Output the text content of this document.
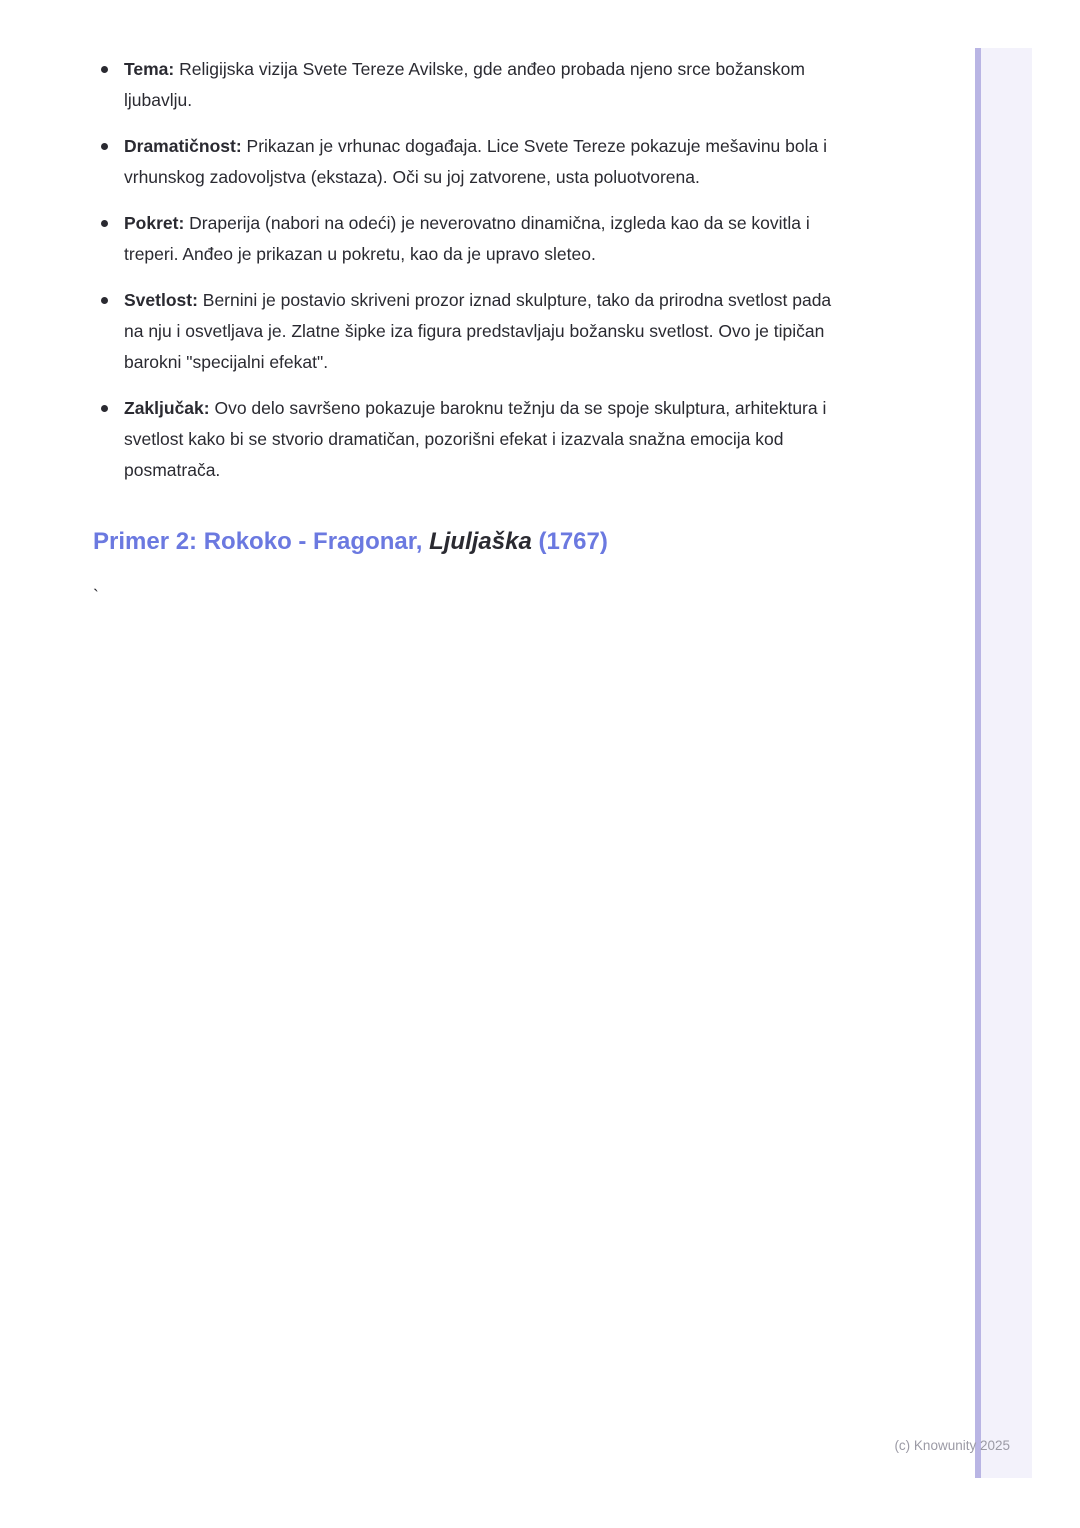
Tema: Religijska vizija Svete Tereze Avilske, gde anđeo probada njeno srce božanskom ljubavlju.
Dramatičnost: Prikazan je vrhunac događaja. Lice Svete Tereze pokazuje mešavinu bola i vrhunskog zadovoljstva (ekstaza). Oči su joj zatvorene, usta poluotvorena.
Pokret: Draperija (nabori na odeći) je neverovatno dinamična, izgleda kao da se kovitla i treperi. Anđeo je prikazan u pokretu, kao da je upravo sleteo.
Svetlost: Bernini je postavio skriveni prozor iznad skulpture, tako da prirodna svetlost pada na nju i osvetljava je. Zlatne šipke iza figura predstavljaju božansku svetlost. Ovo je tipičan barokni "specijalni efekat".
Zaključak: Ovo delo savršeno pokazuje baroknu težnju da se spoje skulptura, arhitektura i svetlost kako bi se stvorio dramatičan, pozorišni efekat i izazvala snažna emocija kod posmatrača.
Primer 2: Rokoko - Fragonar, Ljuljaška (1767)

`

(c) Knowunity 2025
